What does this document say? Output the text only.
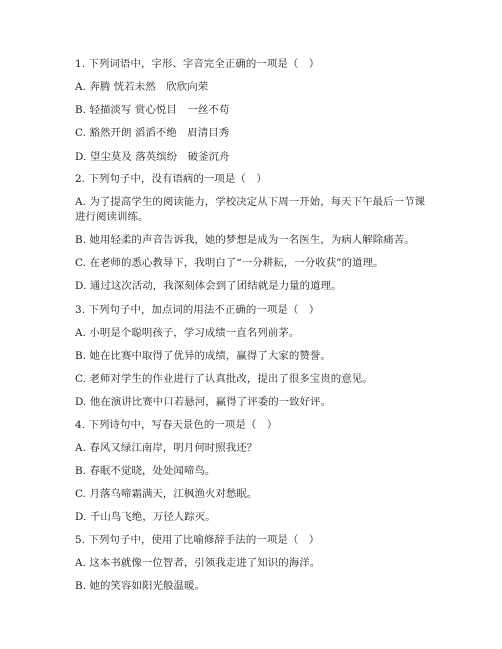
1. 下列词语中，字形、字音完全正确的一项是（　）
A. 奔腾 恍若未然　欣欣向荣
B. 轻描淡写 赏心悦目　一丝不苟
C. 豁然开朗 滔滔不绝　眉清目秀
D. 望尘莫及 落英缤纷　破釜沉舟
2. 下列句子中，没有语病的一项是（　）
A. 为了提高学生的阅读能力，学校决定从下周一开始，每天下午最后一节课进行阅读训练。
B. 她用轻柔的声音告诉我，她的梦想是成为一名医生，为病人解除痛苦。
C. 在老师的悉心教导下，我明白了“一分耕耘，一分收获”的道理。
D. 通过这次活动，我深刻体会到了团结就是力量的道理。
3. 下列句子中，加点词的用法不正确的一项是（　）
A. 小明是个聪明孩子，学习成绩一直名列前茅。
B. 她在比赛中取得了优异的成绩，赢得了大家的赞誉。
C. 老师对学生的作业进行了认真批改，提出了很多宝贵的意见。
D. 他在演讲比赛中口若悬河，赢得了评委的一致好评。
4. 下列诗句中，写春天景色的一项是（　）
A. 春风又绿江南岸，明月何时照我还？
B. 春眠不觉晓，处处闻啼鸟。
C. 月落乌啼霜满天，江枫渔火对愁眠。
D. 千山鸟飞绝，万径人踪灭。
5. 下列句子中，使用了比喻修辞手法的一项是（　）
A. 这本书就像一位智者，引领我走进了知识的海洋。
B. 她的笑容如阳光般温暖。
